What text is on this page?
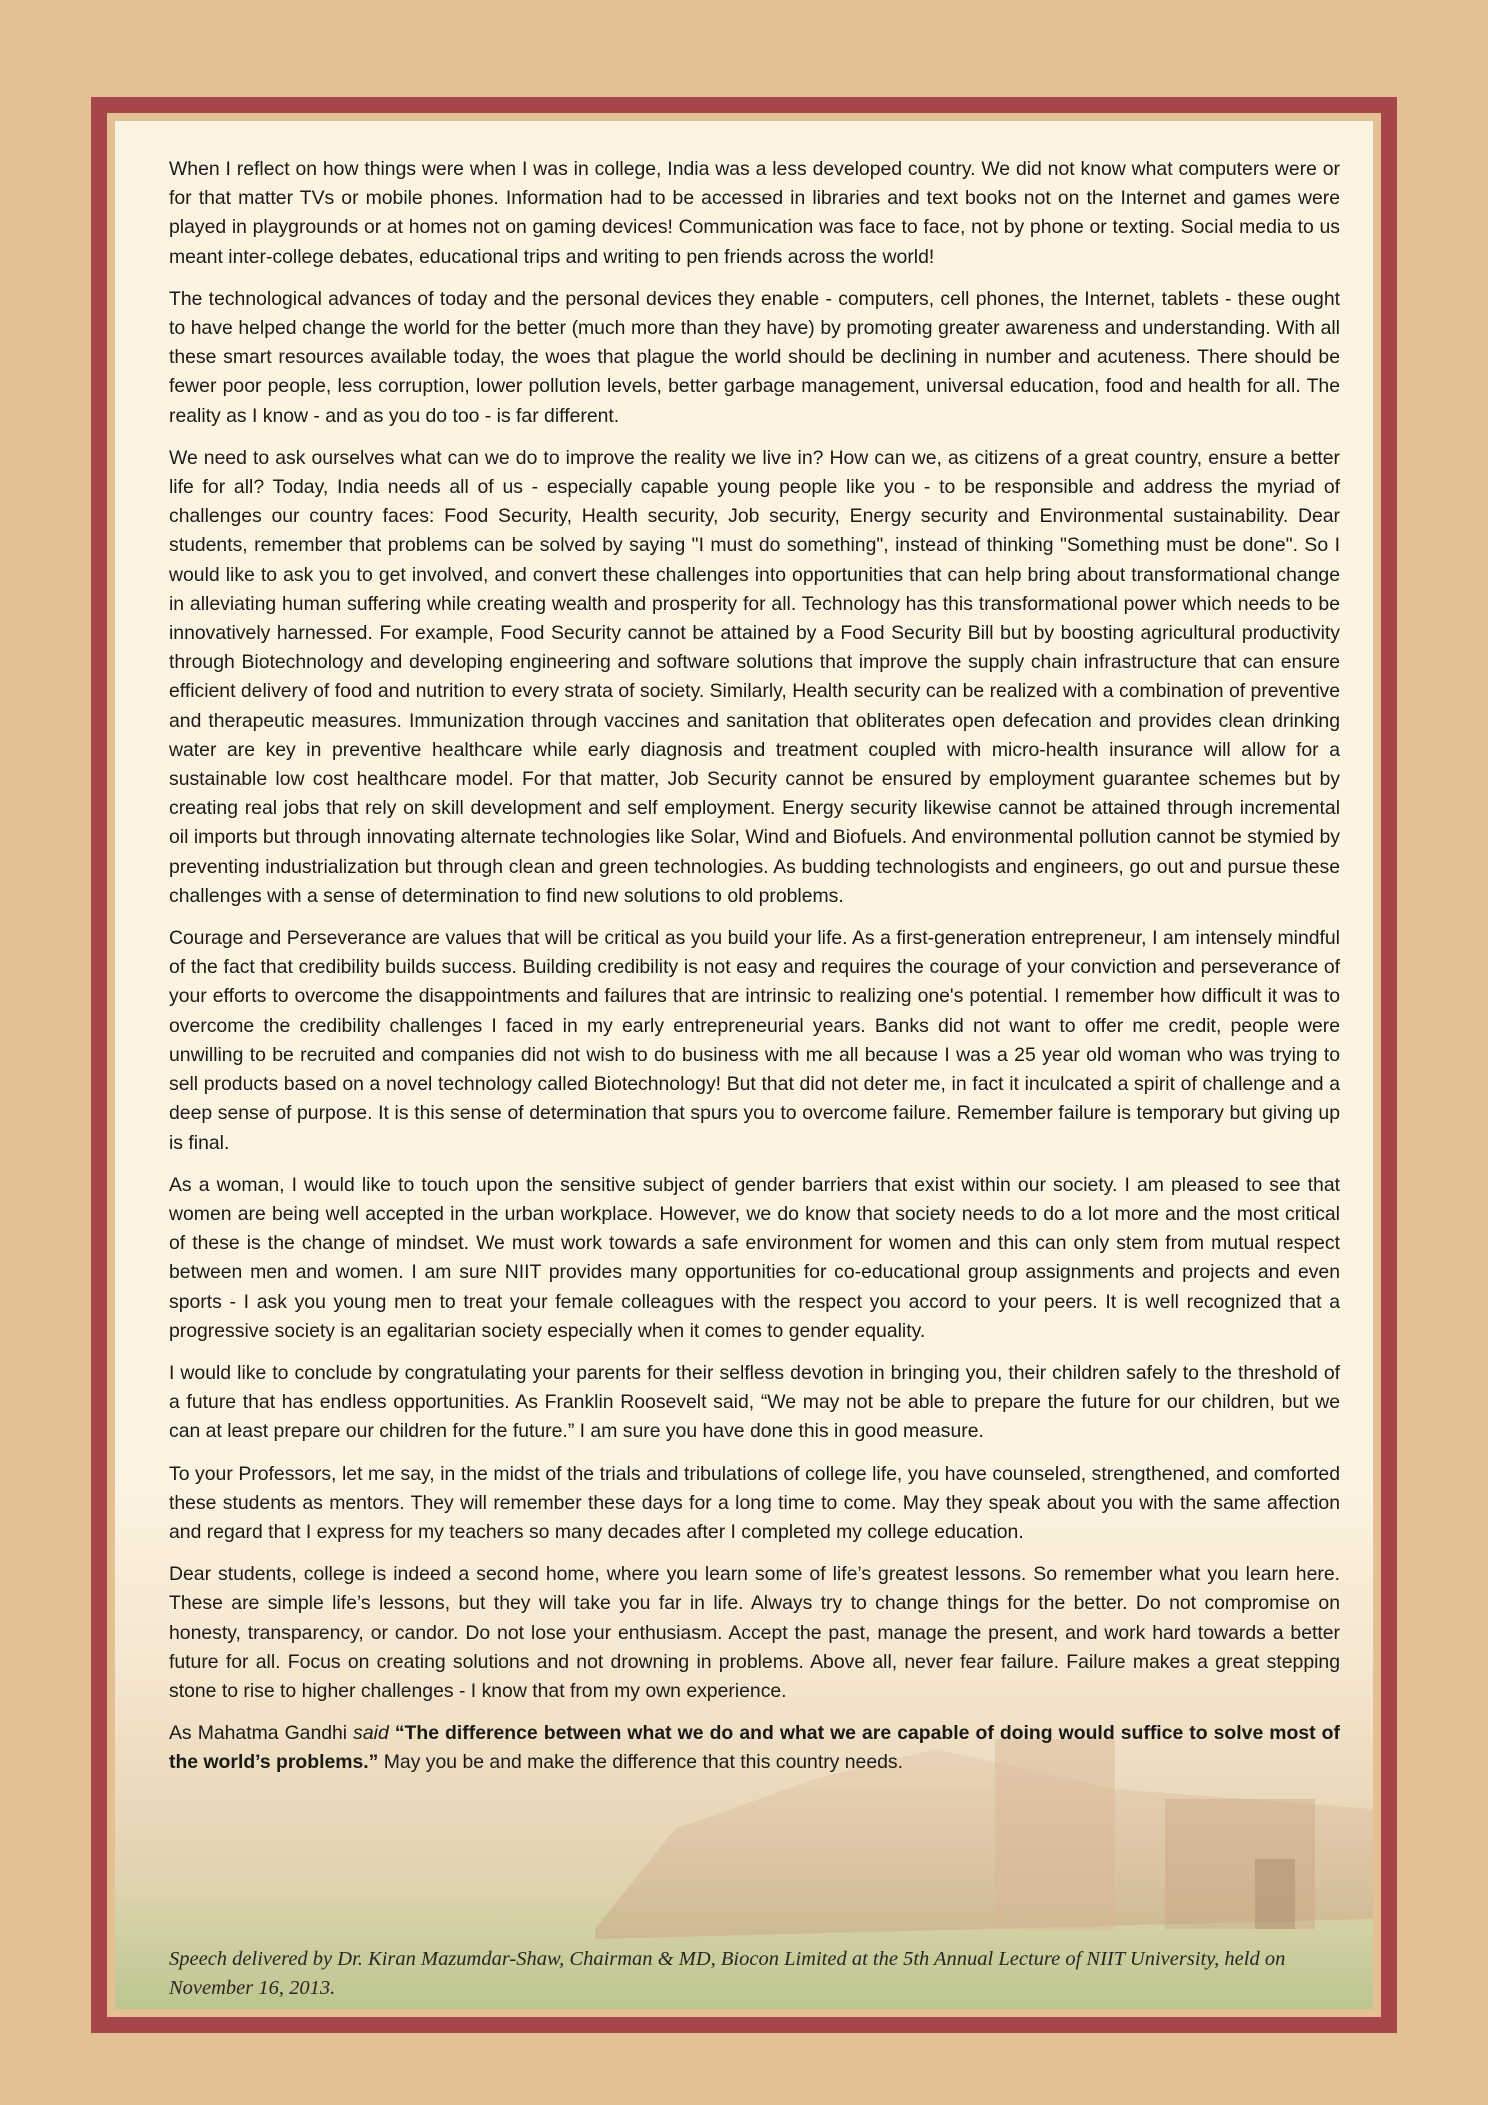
When I reflect on how things were when I was in college, India was a less developed country. We did not know what computers were or for that matter TVs or mobile phones. Information had to be accessed in libraries and text books not on the Internet and games were played in playgrounds or at homes not on gaming devices! Communication was face to face, not by phone or texting. Social media to us meant inter-college debates, educational trips and writing to pen friends across the world!

The technological advances of today and the personal devices they enable - computers, cell phones, the Internet, tablets - these ought to have helped change the world for the better (much more than they have) by promoting greater awareness and understanding. With all these smart resources available today, the woes that plague the world should be declining in number and acuteness. There should be fewer poor people, less corruption, lower pollution levels, better garbage management, universal education, food and health for all. The reality as I know - and as you do too - is far different.

We need to ask ourselves what can we do to improve the reality we live in? How can we, as citizens of a great country, ensure a better life for all? Today, India needs all of us - especially capable young people like you - to be responsible and address the myriad of challenges our country faces: Food Security, Health security, Job security, Energy security and Environmental sustainability. Dear students, remember that problems can be solved by saying "I must do something", instead of thinking "Something must be done". So I would like to ask you to get involved, and convert these challenges into opportunities that can help bring about transformational change in alleviating human suffering while creating wealth and prosperity for all. Technology has this transformational power which needs to be innovatively harnessed. For example, Food Security cannot be attained by a Food Security Bill but by boosting agricultural productivity through Biotechnology and developing engineering and software solutions that improve the supply chain infrastructure that can ensure efficient delivery of food and nutrition to every strata of society. Similarly, Health security can be realized with a combination of preventive and therapeutic measures. Immunization through vaccines and sanitation that obliterates open defecation and provides clean drinking water are key in preventive healthcare while early diagnosis and treatment coupled with micro-health insurance will allow for a sustainable low cost healthcare model. For that matter, Job Security cannot be ensured by employment guarantee schemes but by creating real jobs that rely on skill development and self employment. Energy security likewise cannot be attained through incremental oil imports but through innovating alternate technologies like Solar, Wind and Biofuels. And environmental pollution cannot be stymied by preventing industrialization but through clean and green technologies. As budding technologists and engineers, go out and pursue these challenges with a sense of determination to find new solutions to old problems.

Courage and Perseverance are values that will be critical as you build your life. As a first-generation entrepreneur, I am intensely mindful of the fact that credibility builds success. Building credibility is not easy and requires the courage of your conviction and perseverance of your efforts to overcome the disappointments and failures that are intrinsic to realizing one's potential. I remember how difficult it was to overcome the credibility challenges I faced in my early entrepreneurial years. Banks did not want to offer me credit, people were unwilling to be recruited and companies did not wish to do business with me all because I was a 25 year old woman who was trying to sell products based on a novel technology called Biotechnology! But that did not deter me, in fact it inculcated a spirit of challenge and a deep sense of purpose. It is this sense of determination that spurs you to overcome failure. Remember failure is temporary but giving up is final.

As a woman, I would like to touch upon the sensitive subject of gender barriers that exist within our society. I am pleased to see that women are being well accepted in the urban workplace. However, we do know that society needs to do a lot more and the most critical of these is the change of mindset. We must work towards a safe environment for women and this can only stem from mutual respect between men and women. I am sure NIIT provides many opportunities for co-educational group assignments and projects and even sports - I ask you young men to treat your female colleagues with the respect you accord to your peers. It is well recognized that a progressive society is an egalitarian society especially when it comes to gender equality.

I would like to conclude by congratulating your parents for their selfless devotion in bringing you, their children safely to the threshold of a future that has endless opportunities. As Franklin Roosevelt said, “We may not be able to prepare the future for our children, but we can at least prepare our children for the future.” I am sure you have done this in good measure.

To your Professors, let me say, in the midst of the trials and tribulations of college life, you have counseled, strengthened, and comforted these students as mentors. They will remember these days for a long time to come. May they speak about you with the same affection and regard that I express for my teachers so many decades after I completed my college education.

Dear students, college is indeed a second home, where you learn some of life’s greatest lessons. So remember what you learn here. These are simple life’s lessons, but they will take you far in life. Always try to change things for the better. Do not compromise on honesty, transparency, or candor. Do not lose your enthusiasm. Accept the past, manage the present, and work hard towards a better future for all. Focus on creating solutions and not drowning in problems. Above all, never fear failure. Failure makes a great stepping stone to rise to higher challenges - I know that from my own experience.

As Mahatma Gandhi said “The difference between what we do and what we are capable of doing would suffice to solve most of the world’s problems.” May you be and make the difference that this country needs.

Speech delivered by Dr. Kiran Mazumdar-Shaw, Chairman & MD, Biocon Limited at the 5th Annual Lecture of NIIT University, held on November 16, 2013.
